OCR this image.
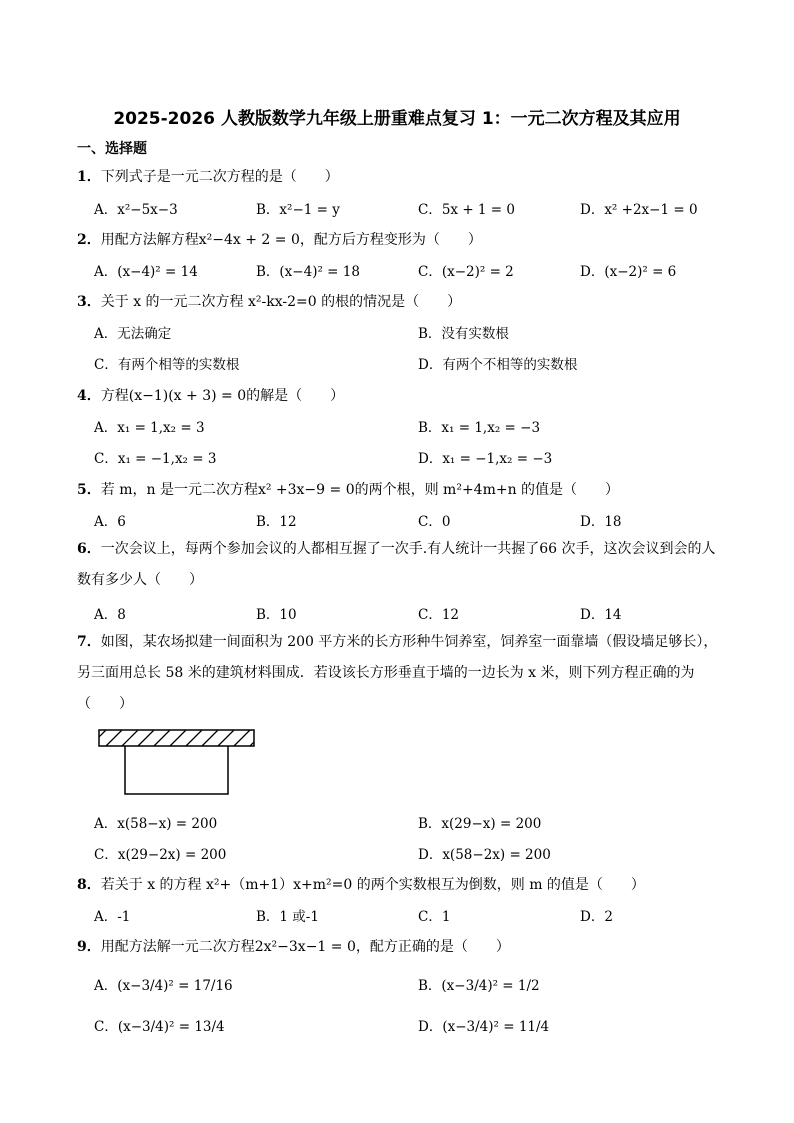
2025-2026 人教版数学九年级上册重难点复习 1：一元二次方程及其应用
一、选择题
1．下列式子是一元二次方程的是（　　）
A．x²−5x−3	B．x²−1 = y	C．5x + 1 = 0	D．x² +2x−1 = 0
2．用配方法解方程x²−4x + 2 = 0，配方后方程变形为（　　）
A．(x−4)² = 14	B．(x−4)² = 18	C．(x−2)² = 2	D．(x−2)² = 6
3．关于 x 的一元二次方程 x²-kx-2=0 的根的情况是（　　）
A．无法确定	B．没有实数根
C．有两个相等的实数根	D．有两个不相等的实数根
4．方程(x−1)(x + 3) = 0的解是（　　）
A．x₁ = 1,x₂ = 3	B．x₁ = 1,x₂ = −3
C．x₁ = −1,x₂ = 3	D．x₁ = −1,x₂ = −3
5．若 m，n 是一元二次方程x² +3x−9 = 0的两个根，则 m²+4m+n 的值是（　　）
A．6	B．12	C．0	D．18
6．一次会议上，每两个参加会议的人都相互握了一次手.有人统计一共握了66 次手，这次会议到会的人数有多少人（　　）
A．8	B．10	C．12	D．14
7．如图，某农场拟建一间面积为 200 平方米的长方形种牛饲养室，饲养室一面靠墙（假设墙足够长），另三面用总长 58 米的建筑材料围成．若设该长方形垂直于墙的一边长为 x 米，则下列方程正确的为（　　）
A．x(58−x) = 200	B．x(29−x) = 200
C．x(29−2x) = 200	D．x(58−2x) = 200
8．若关于 x 的方程 x²+（m+1）x+m²=0 的两个实数根互为倒数，则 m 的值是（　　）
A．-1	B．1 或-1	C．1	D．2
9．用配方法解一元二次方程2x²−3x−1 = 0，配方正确的是（　　）
A．(x−3/4)² = 17/16	B．(x−3/4)² = 1/2
C．(x−3/4)² = 13/4	D．(x−3/4)² = 11/4
